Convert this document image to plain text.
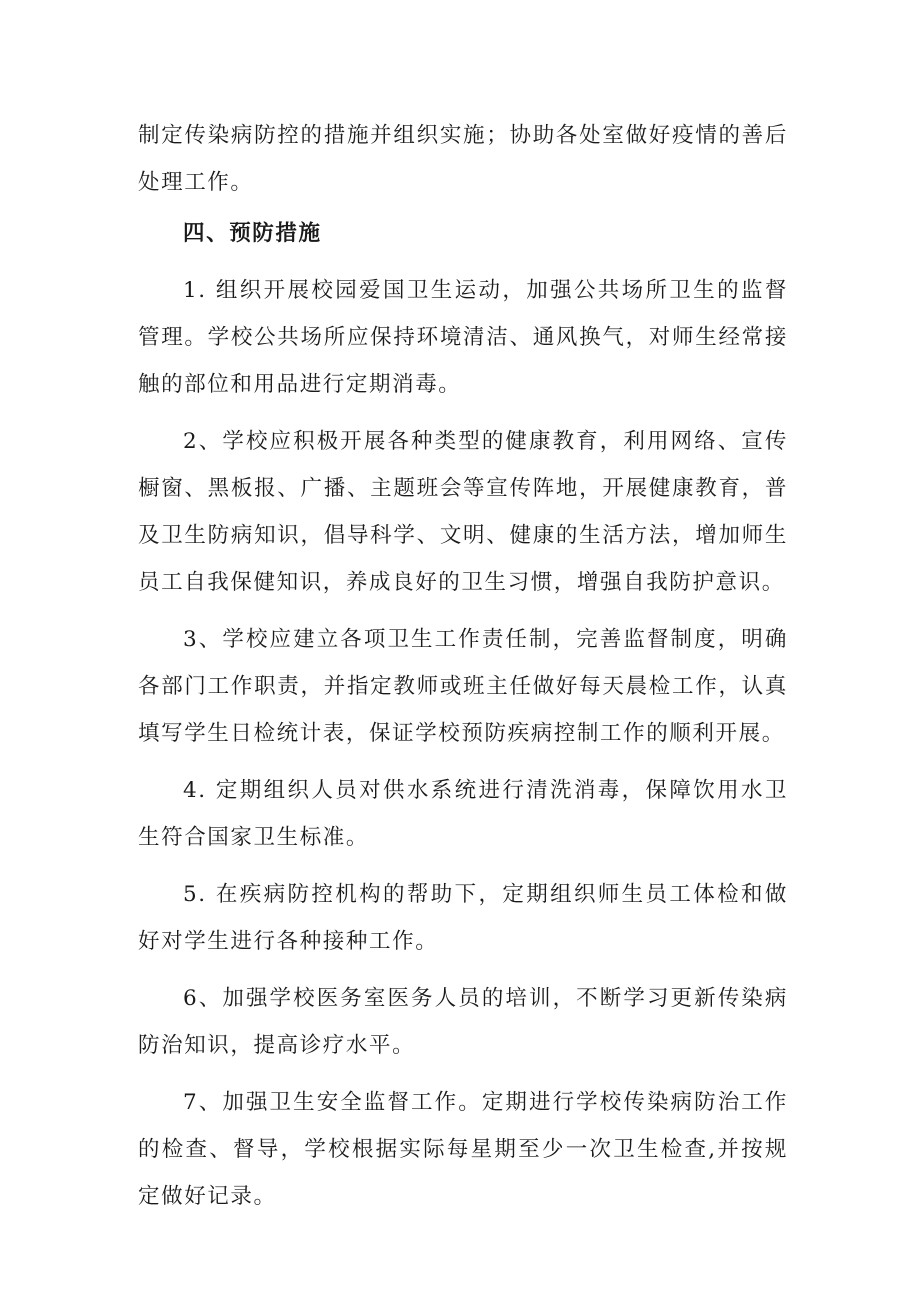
制定传染病防控的措施并组织实施；协助各处室做好疫情的善后处理工作。

四、预防措施

1. 组织开展校园爱国卫生运动，加强公共场所卫生的监督管理。学校公共场所应保持环境清洁、通风换气，对师生经常接触的部位和用品进行定期消毒。

2、学校应积极开展各种类型的健康教育，利用网络、宣传橱窗、黑板报、广播、主题班会等宣传阵地，开展健康教育，普及卫生防病知识，倡导科学、文明、健康的生活方法，增加师生员工自我保健知识，养成良好的卫生习惯，增强自我防护意识。

3、学校应建立各项卫生工作责任制，完善监督制度，明确各部门工作职责，并指定教师或班主任做好每天晨检工作，认真填写学生日检统计表，保证学校预防疾病控制工作的顺利开展。

4. 定期组织人员对供水系统进行清洗消毒，保障饮用水卫生符合国家卫生标准。

5. 在疾病防控机构的帮助下，定期组织师生员工体检和做好对学生进行各种接种工作。

6、加强学校医务室医务人员的培训，不断学习更新传染病防治知识，提高诊疗水平。

7、加强卫生安全监督工作。定期进行学校传染病防治工作的检查、督导，学校根据实际每星期至少一次卫生检查,并按规定做好记录。
